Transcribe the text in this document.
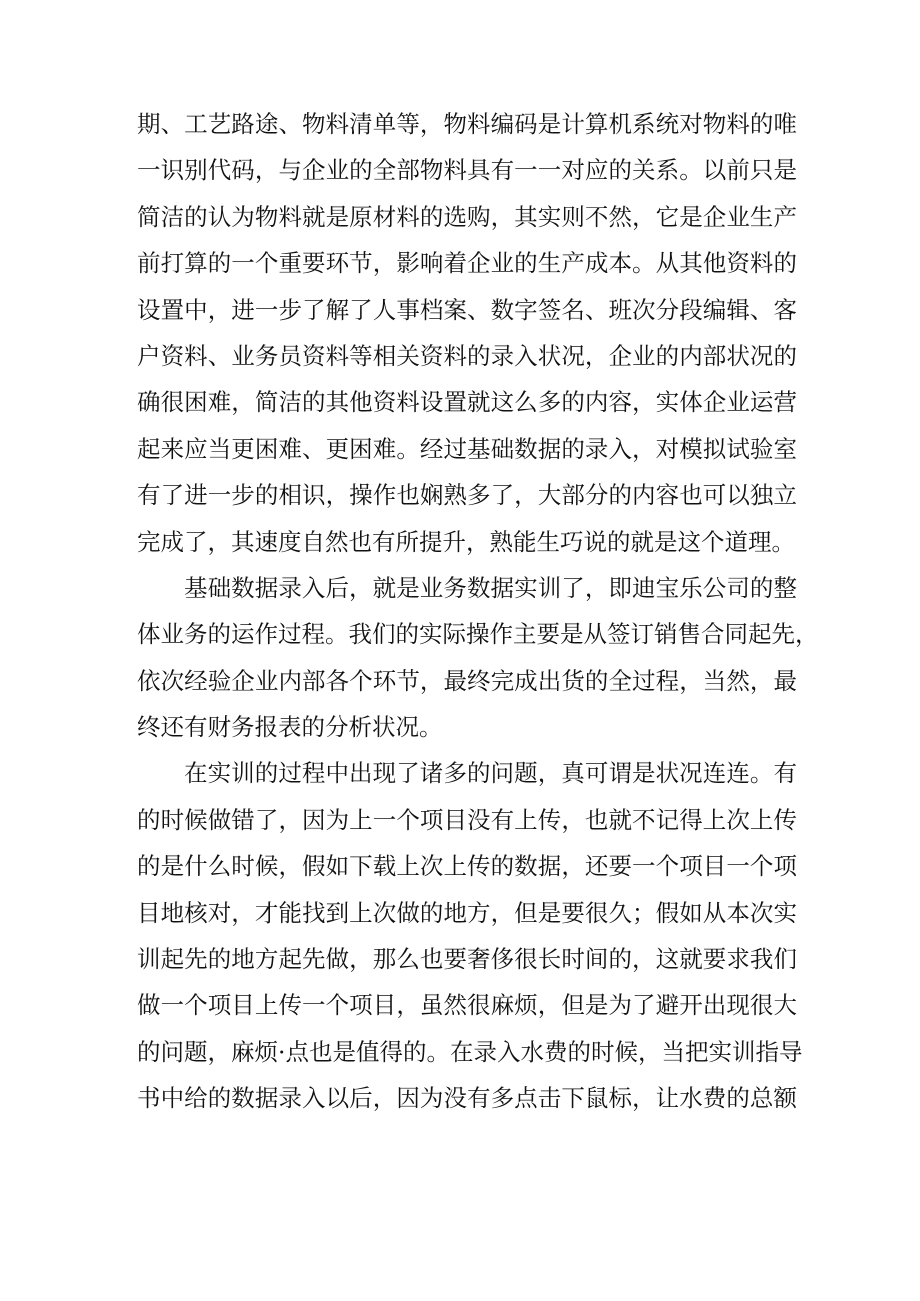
期、工艺路途、物料清单等，物料编码是计算机系统对物料的唯
一识别代码，与企业的全部物料具有一一对应的关系。以前只是
简洁的认为物料就是原材料的选购，其实则不然，它是企业生产
前打算的一个重要环节，影响着企业的生产成本。从其他资料的
设置中，进一步了解了人事档案、数字签名、班次分段编辑、客
户资料、业务员资料等相关资料的录入状况，企业的内部状况的
确很困难，简洁的其他资料设置就这么多的内容，实体企业运营
起来应当更困难、更困难。经过基础数据的录入，对模拟试验室
有了进一步的相识，操作也娴熟多了，大部分的内容也可以独立
完成了，其速度自然也有所提升，熟能生巧说的就是这个道理。
基础数据录入后，就是业务数据实训了，即迪宝乐公司的整
体业务的运作过程。我们的实际操作主要是从签订销售合同起先，
依次经验企业内部各个环节，最终完成出货的全过程，当然，最
终还有财务报表的分析状况。
在实训的过程中出现了诸多的问题，真可谓是状况连连。有
的时候做错了，因为上一个项目没有上传，也就不记得上次上传
的是什么时候，假如下载上次上传的数据，还要一个项目一个项
目地核对，才能找到上次做的地方，但是要很久；假如从本次实
训起先的地方起先做，那么也要奢侈很长时间的，这就要求我们
做一个项目上传一个项目，虽然很麻烦，但是为了避开出现很大
的问题，麻烦·点也是值得的。在录入水费的时候，当把实训指导
书中给的数据录入以后，因为没有多点击下鼠标，让水费的总额
